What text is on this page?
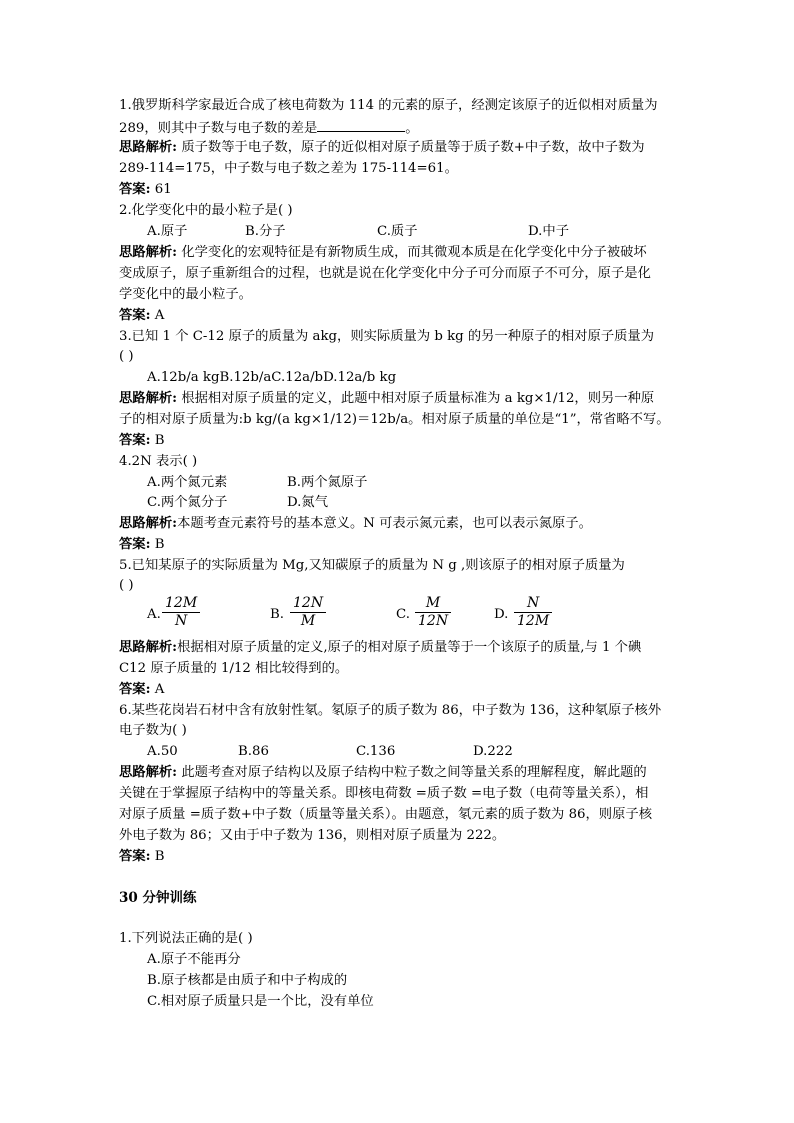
1.俄罗斯科学家最近合成了核电荷数为 114 的元素的原子，经测定该原子的近似相对质量为
289，则其中子数与电子数的差是	。
思路解析: 质子数等于电子数，原子的近似相对原子质量等于质子数+中子数，故中子数为
289-114=175，中子数与电子数之差为 175-114=61。
答案: 61
2.化学变化中的最小粒子是( )
A.原子	B.分子	C.质子	D.中子
思路解析: 化学变化的宏观特征是有新物质生成，而其微观本质是在化学变化中分子被破坏
变成原子，原子重新组合的过程，也就是说在化学变化中分子可分而原子不可分，原子是化
学变化中的最小粒子。
答案: A
3.已知 1 个 C-12 原子的质量为 akg，则实际质量为 b kg 的另一种原子的相对原子质量为
( )
A.12b/a kgB.12b/aC.12a/bD.12a/b kg
思路解析: 根据相对原子质量的定义，此题中相对原子质量标准为 a kg×1/12，则另一种原
子的相对原子质量为:b kg/(a kg×1/12)＝12b/a。相对原子质量的单位是“1”，常省略不写。
答案: B
4.2N 表示( )
A.两个氮元素	B.两个氮原子
C.两个氮分子	D.氮气
思路解析:本题考查元素符号的基本意义。N 可表示氮元素，也可以表示氮原子。
答案: B
5.已知某原子的实际质量为 Mg,又知碳原子的质量为 N g ,则该原子的相对原子质量为
( )
A.
12M
N	B.
12N
M	C.
M
12N	D.
N
12M
思路解析:根据相对原子质量的定义,原子的相对原子质量等于一个该原子的质量,与 1 个碘
C12 原子质量的 1/12 相比较得到的。
答案: A
6.某些花岗岩石材中含有放射性氡。氡原子的质子数为 86，中子数为 136，这种氡原子核外
电子数为( )
A.50	B.86	C.136	D.222
思路解析: 此题考查对原子结构以及原子结构中粒子数之间等量关系的理解程度，解此题的
关键在于掌握原子结构中的等量关系。即核电荷数 =质子数 =电子数（电荷等量关系），相
对原子质量 =质子数+中子数（质量等量关系）。由题意，氡元素的质子数为 86，则原子核
外电子数为 86；又由于中子数为 136，则相对原子质量为 222。
答案: B
30 分钟训练
1.下列说法正确的是( )
A.原子不能再分
B.原子核都是由质子和中子构成的
C.相对原子质量只是一个比，没有单位
